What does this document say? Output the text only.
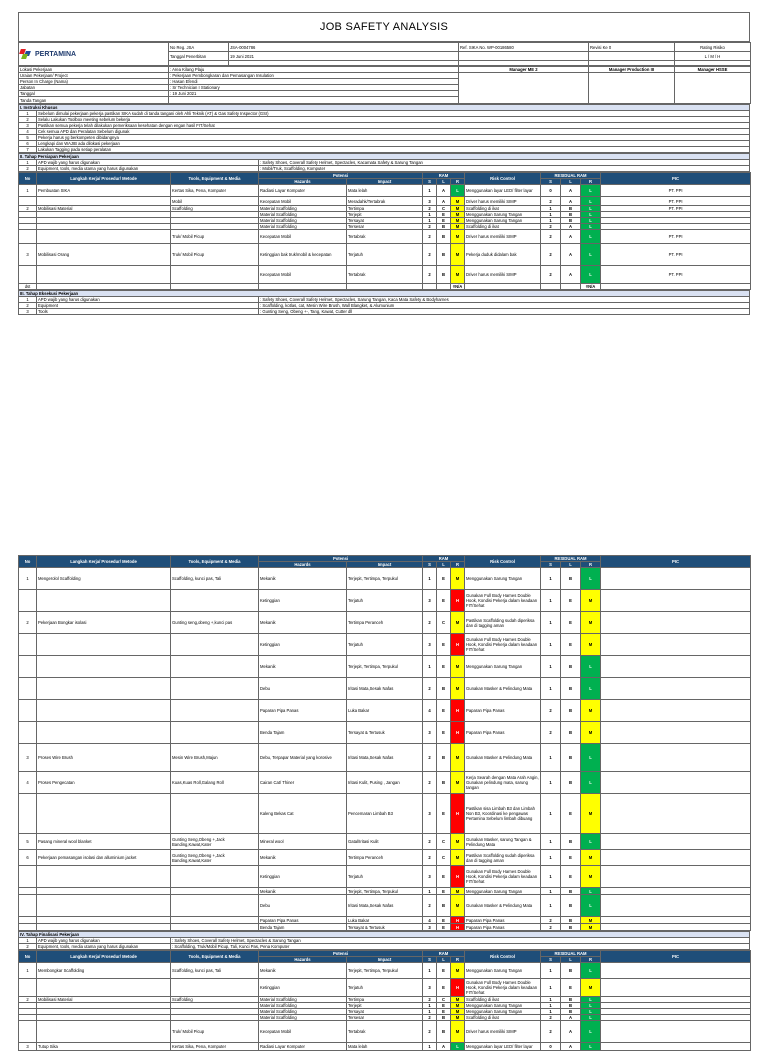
JOB SAFETY ANALYSIS
PERTAMINA	No Reg. JSA	JSA-0004786	Ref. SIKA No. WP-00186580	Revisi Ke 0	Rating Risiko
	Tanggal Penerbitan	19 Juni 2021			L / M / H

Lokasi Pekerjaan	: Area Kilang Plaju	Manager ME 2	Manager Production III	Manager HSSE
Uraian Pekerjaan/ Project	: Pekerjaan Pembongkaran dan Pemasangan Insulation			
Person In Charge (Nama)	: Hasan Efendi			
Jabatan	: Sr Technician I Stationary			
Tanggal	: 19 Juni 2021			
Tanda Tangan				
I. Instruksi Khusus	
1	Sebelum dimulai pekerjaan pekerja pastikan SIKA sudah di tanda tangani oleh Ahli Teknik (AT) & Gas Safety Inspector (GSI)
2	Selalu Lakukan Toolbox meeting sebelum bekerja
3	Pastikan semua pekerja telah dilakukan pemeriksaan kesehatan dengan engan hasil FIT/Sehat
4	Cek semua APD dan Peralatan Sebelum digunak
5	Pekerja harus yg berkompeten dibidangnya
6	Lengkapi dan WAJIB ada dilokasi pekerjaan
7	Lakukan Tagging pada setiap peralatan
II. Tahap Persiapan Pekerjaan		
1	APD wajib yang harus digunakan	: Safety Shoes, Coverall Safety Helmet, Spectacles, Kacamata Safety & Sarung Tangan
2	Equipment, tools, media utama yang harus digunakan	: Mobil/Truk, Scaffolding, Komputer
No	Langkah Kerja/ Prosedur/ Metode	Tools, Equipment & Media	Potensi		RAM			Risk Control	RESIDUAL RAM			PIC
			Hazards	Impact	S	L	R		S	L	R	
1	Pembuatan SIKA	Kertas Sika, Pena, Komputer	Radiasi Layar Komputer	Mata lelah	1	A	L	Menggunakan layar LED/ filter layar	0	A	L	PT. PPI
		Mobil	Kecepatan Mobil	Meradahk/Tertabrak	3	A	M	Driver harus memiliki SIMP	2	A	L	PT. PPI
2	Mobilisasi Material	Scaffolding	Material Scaffolding	Tertimpa	2	C	M	Scaffolding di ikat	1	B	L	PT. PPI
			Material Scaffolding	Terjepit	1	E	M	Menggunakan Sarung Tangan	1	B	L	
			Material Scaffolding	Tersayat	1	E	M	Menggunakan Sarung Tangan	1	B	L	
			Material Scaffolding	Tersesar	2	B	M	Scaffolding di ikat	2	A	L	
		Truk/ Mobil Picup	Kecepatan Mobil	Tertabrak	2	B	M	Driver harus memiliki SIMP	2	A	L	PT. PPI
3	Mobilisasi Orang	Truk/ Mobil Picup	Ketinggian bak truk/mobil & kecepatan	Terjatuh	2	B	M	Pekerja duduk didalam bak	2	A	L	PT. PPI
			Kecepatan Mobil	Tertabrak	2	B	M	Driver harus memiliki SIMP	2	A	L	PT. PPI
dst							#N/A				#N/A	
III. Tahap Eksekusi Pekerjaan		
1	APD wajib yang harus digunakan	: Safety Shoes, Coverall Safety Helmet, Spectacles, Sarung Tangan, Kaca Mata Safety & Bodyharnes
2	Equipment	: Scaffolding, kotlas, cat, Mesin Wire Brush, Wall Blangket, & Alumunium
3	Tools	: Gunting Seng, Obeng +-, Tang, Kawat, Cutter dll
No	Langkah Kerja/ Prosedur/ Metode	Tools, Equipment & Media	Potensi		RAM			Risk Control	RESIDUAL RAM			PIC
			Hazards	Impact	S	L	R		S	L	R	
1	Mengerolol Scaffolding	Scaffolding, kunci pas, Tali	Mekanik	Terjepit, Tertimpa, Terpukul	1	E	M	Menggunakan Sarung Tangan	1	B	L	
			Ketinggian	Terjatuh	3	E	H	Gunakan Full Body Harnes Double Hook, Kondisi Pekerja dalam keadaan FIT/Sehat	1	E	M	
2	Pekerjaan Bongkar isolasi	Gunting seng,obeng +,kunci pas	Mekanik	Tertimpa Peranceh	2	C	M	Pastikan Scaffolding sudah diperiksa dan di tagging aman	1	E	M	
			Ketinggian	Terjatuh	3	E	H	Gunakan Full Body Harnes Double Hook, Kondisi Pekerja dalam keadaan FIT/Sehat	1	E	M	
			Mekanik	Terjepit, Tertimpa, Terpukul	1	E	M	Menggunakan Sarung Tangan	1	B	L	
			Debu	Iritasi Mata,Sesak Nafas	2	B	M	Gunakan Masker & Pelindung Mata	1	B	L	
			Paparan Pipa Panas	Luka Bakar	4	E	H	Paparan Pipa Panas	2	B	M	
			Benda Tajam	Tersayat & Tertusuk	3	E	H	Paparan Pipa Panas	2	B	M	
3	Proses Wire Brush	Mesin Wire Brush,Majun	Debu, Terpapar Material yang korosive	Iritasi Mata,Sesak Nafas	2	B	M	Gunakan Masker & Pelindung Mata	1	B	L	
4	Proses Pengecatan	Kuas,Kuas Roll,Galang Roll	Cairan Cat/ Thiner	Iritasi Kulit, Pusing , Jangan	2	B	M	Kerja Searah dengan Mata Arah Angin, Gunakan pelindung mata, sarung tangan	1	B	L	
			Kaleng Bekas Cat	Pencemaran Limbah B3	3	E	H	Pastikan sisa Limbah B3 dan Limbah Non B3, Koordinasi ke pengawas Pertamina Sebelum limbah dibuang	1	E	M	
5	Pasang mineral wool blanket	Gunting Seng,Obeng +,Jack Banding,Kawat,Kater	Mineral wool	Gatal/Iritasi Kulit	2	C	M	Gunakan Masker, sarung Tangan & Pelindung Mata	1	B	L	
6	Pekerjaan pemasangan isolasi dan alluminium jacket	Gunting Seng,Obeng +,Jack Banding,Kawat,Kater	Mekanik	Tertimpa Peranceh	2	C	M	Pastikan Scaffolding sudah diperiksa dan di tagging aman	1	E	M	
			Ketinggian	Terjatuh	3	E	H	Gunakan Full Body Harnes Double Hook, Kondisi Pekerja dalam keadaan FIT/Sehat	1	E	M	
			Mekanik	Terjepit, Tertimpa, Terpukul	1	E	M	Menggunakan Sarung Tangan	1	B	L	
			Debu	Iritasi Mata,Sesak Nafas	2	B	M	Gunakan Masker & Pelindung Mata	1	B	L	
			Paparan Pipa Panas	Luka Bakar	4	E	H	Paparan Pipa Panas	2	B	M	
			Benda Tajam	Tersayat & Tertusuk	3	E	H	Paparan Pipa Panas	2	B	M	
IV. Tahap Finalisasi Pekerjaan		
1	APD wajib yang harus digunakan	: Safety Shoes, Coverall Safety Helmet, Spectacles & Sarung Tangan
2	Equipment, tools, media utama yang harus digunakan	: Scaffolding, Truk/Mobil Picup, Tali, Kunci Pas, Pena Komputer
No	Langkah Kerja/ Prosedur/ Metode	Tools, Equipment & Media	Potensi		RAM			Risk Control	RESIDUAL RAM			PIC
			Hazards	Impact	S	L	R		S	L	R	
1	Membongkar Scaffolding	Scaffolding, kunci pas, Tali	Mekanik	Terjepit, Tertimpa, Terpukul	1	E	M	Menggunakan Sarung Tangan	1	B	L	
			Ketinggian	Terjatuh	3	E	H	Gunakan Full Body Harnes Double Hook, Kondisi Pekerja dalam keadaan FIT/Sehat	1	E	M	
2	Mobilisasi Material	Scaffolding	Material Scaffolding	Tertimpa	2	C	M	Scaffolding di ikat	1	B	L	
			Material Scaffolding	Terjepit	1	E	M	Menggunakan Sarung Tangan	1	B	L	
			Material Scaffolding	Tersayat	1	E	M	Menggunakan Sarung Tangan	1	B	L	
			Material Scaffolding	Tersesar	2	B	M	Scaffolding di ikat	2	A	L	
		Truk/ Mobil Picup	Kecepatan Mobil	Tertabrak	2	B	M	Driver harus memiliki SIMP	2	A	L	
3	Tutup Sika	Kertas Sika, Pena, Komputer	Radiasi Layar Komputer	Mata lelah	1	A	L	Menggunakan layar LED/ filter layar	0	A	L	
